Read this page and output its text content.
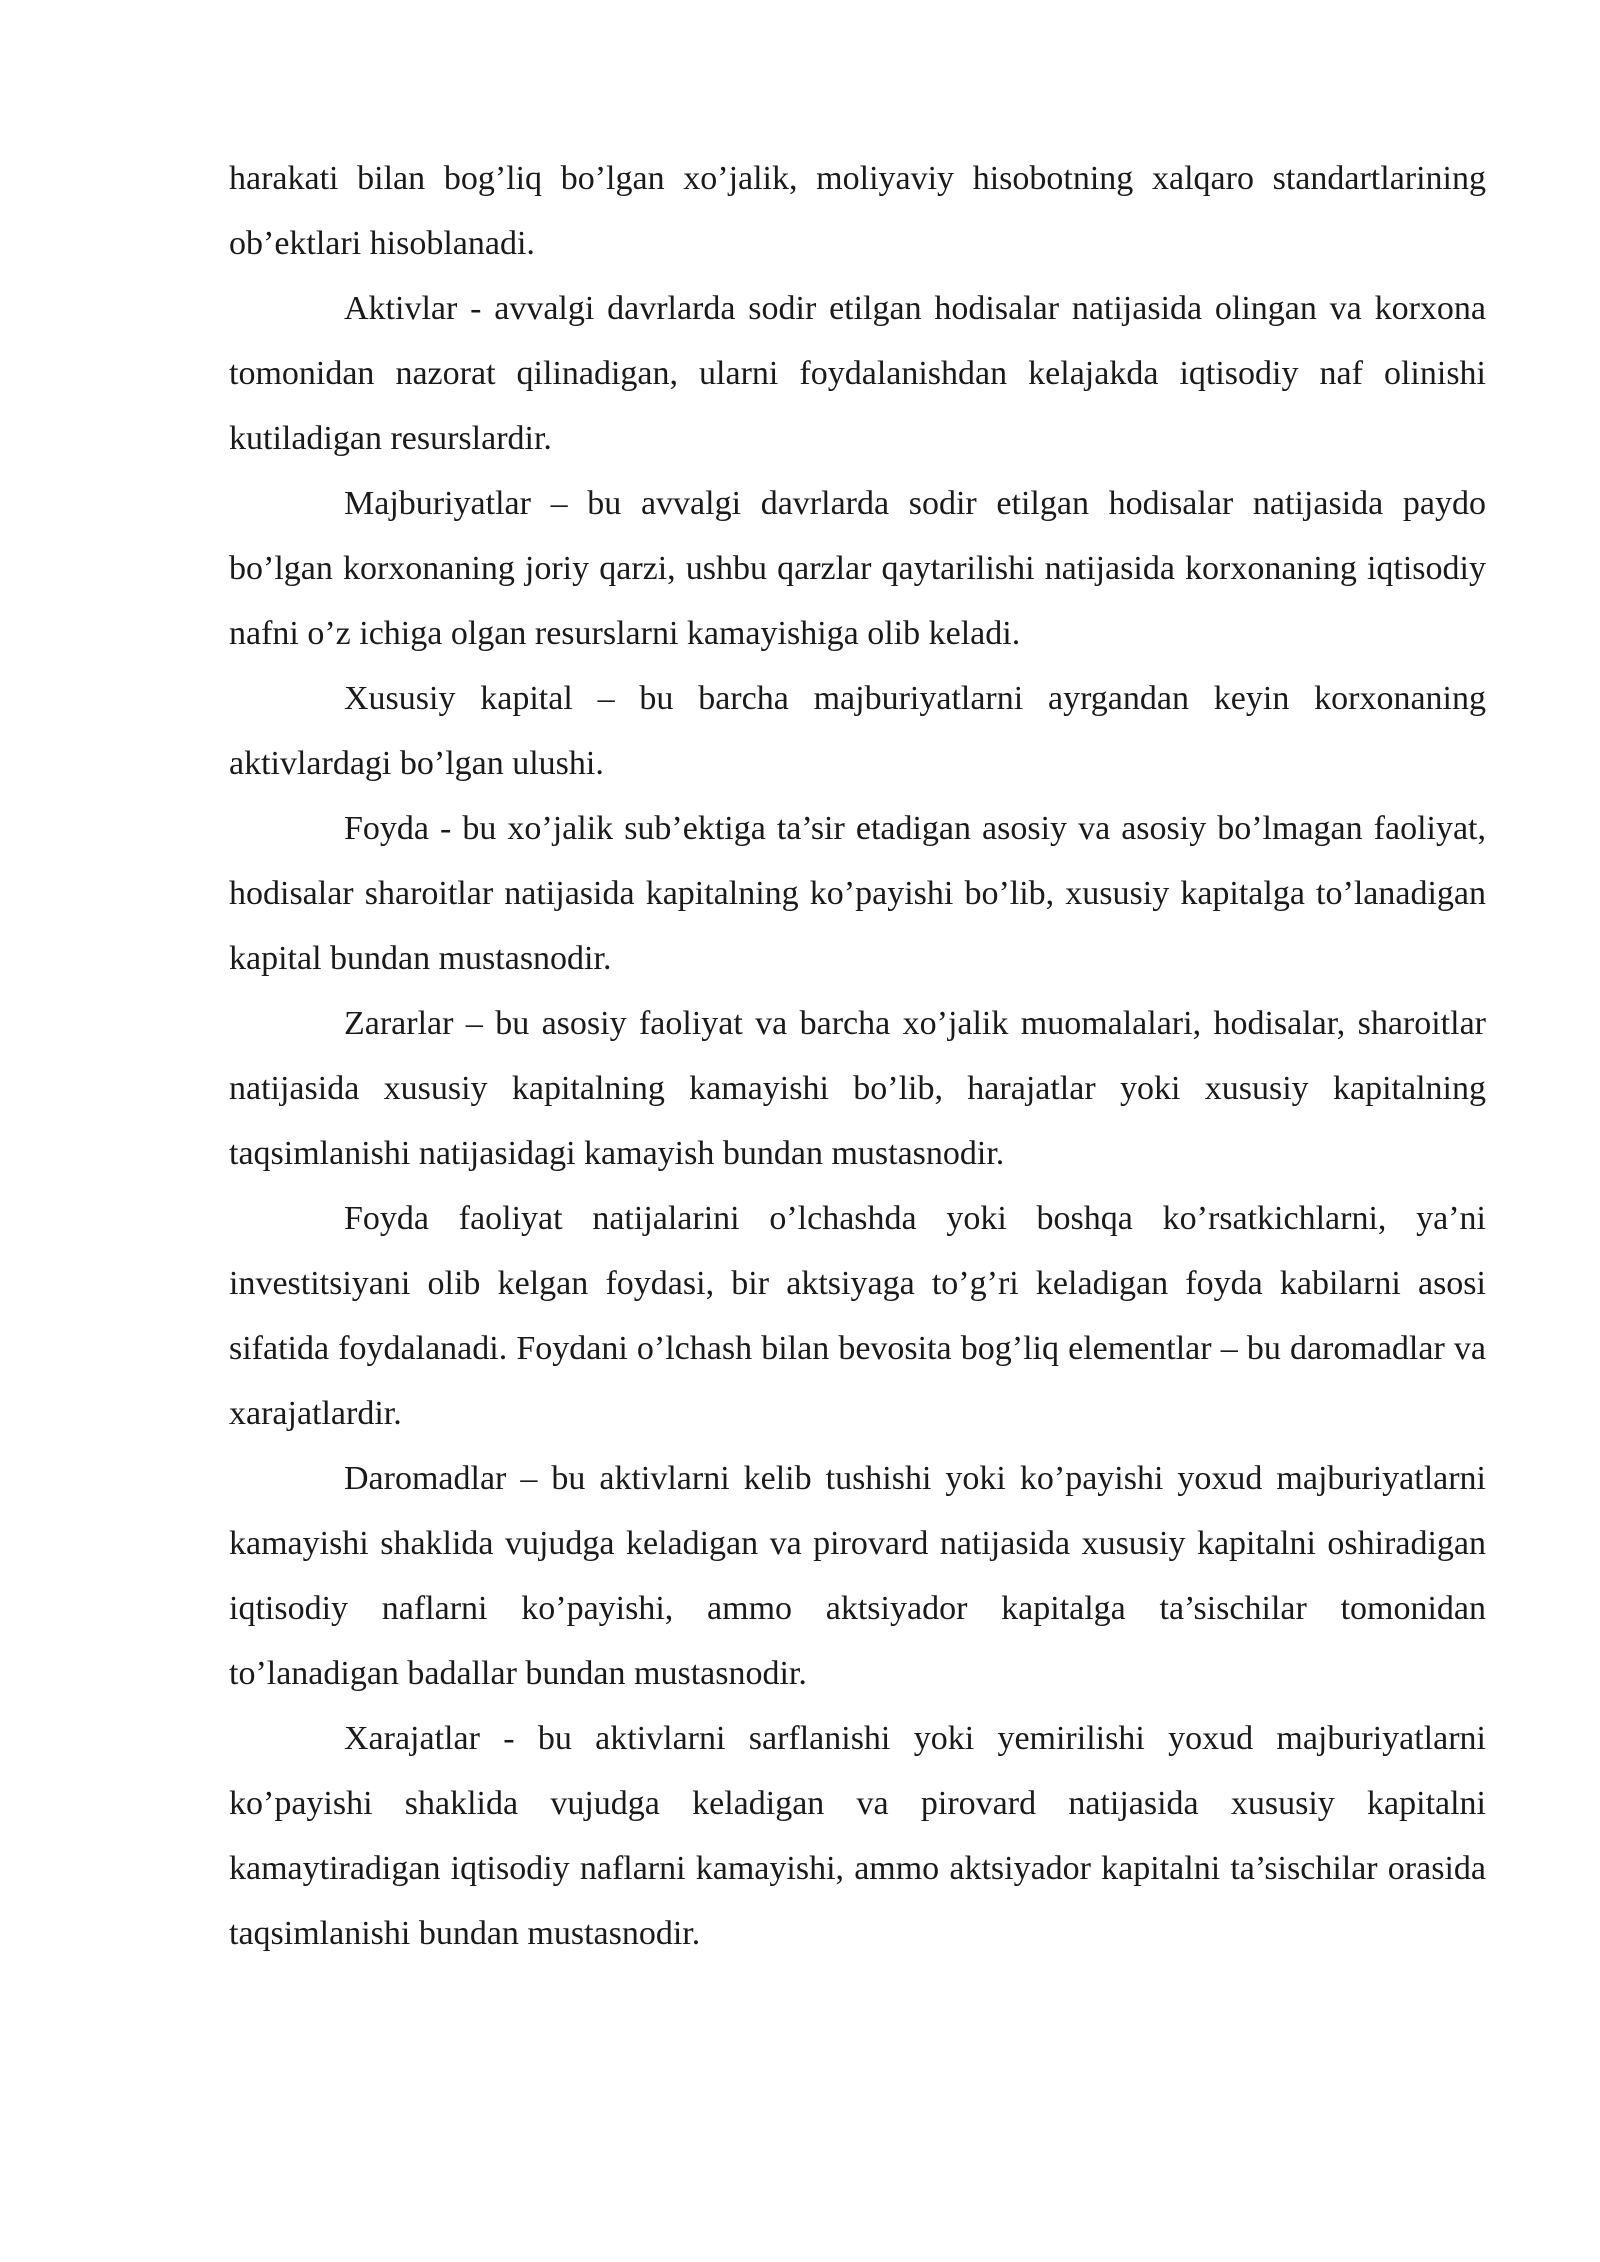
harakati bilan bog’liq bo’lgan xo’jalik, moliyaviy hisobotning xalqaro standartlarining ob’ektlari hisoblanadi.

Aktivlar - avvalgi davrlarda sodir etilgan hodisalar natijasida olingan va korxona tomonidan nazorat qilinadigan, ularni foydalanishdan kelajakda iqtisodiy naf olinishi kutiladigan resurslardir.

Majburiyatlar – bu avvalgi davrlarda sodir etilgan hodisalar natijasida paydo bo’lgan korxonaning joriy qarzi, ushbu qarzlar qaytarilishi natijasida korxonaning iqtisodiy nafni o’z ichiga olgan resurslarni kamayishiga olib keladi.

Xususiy kapital – bu barcha majburiyatlarni ayrgandan keyin korxonaning aktivlardagi bo’lgan ulushi.

Foyda - bu xo’jalik sub’ektiga ta’sir etadigan asosiy va asosiy bo’lmagan faoliyat, hodisalar sharoitlar natijasida kapitalning ko’payishi bo’lib, xususiy kapitalga to’lanadigan kapital bundan mustasnodir.

Zararlar – bu asosiy faoliyat va barcha xo’jalik muomalalari, hodisalar, sharoitlar natijasida xususiy kapitalning kamayishi bo’lib, harajatlar yoki xususiy kapitalning taqsimlanishi natijasidagi kamayish bundan mustasnodir.

Foyda faoliyat natijalarini o’lchashda yoki boshqa ko’rsatkichlarni, ya’ni investitsiyani olib kelgan foydasi, bir aktsiyaga to’g’ri keladigan foyda kabilarni asosi sifatida foydalanadi. Foydani o’lchash bilan bevosita bog’liq elementlar – bu daromadlar va xarajatlardir.

Daromadlar – bu aktivlarni kelib tushishi yoki ko’payishi yoxud majburiyatlarni kamayishi shaklida vujudga keladigan va pirovard natijasida xususiy kapitalni oshiradigan iqtisodiy naflarni ko’payishi, ammo aktsiyador kapitalga ta’sischilar tomonidan to’lanadigan badallar bundan mustasnodir.

Xarajatlar - bu aktivlarni sarflanishi yoki yemirilishi yoxud majburiyatlarni ko’payishi shaklida vujudga keladigan va pirovard natijasida xususiy kapitalni kamaytiradigan iqtisodiy naflarni kamayishi, ammo aktsiyador kapitalni ta’sischilar orasida taqsimlanishi bundan mustasnodir.
